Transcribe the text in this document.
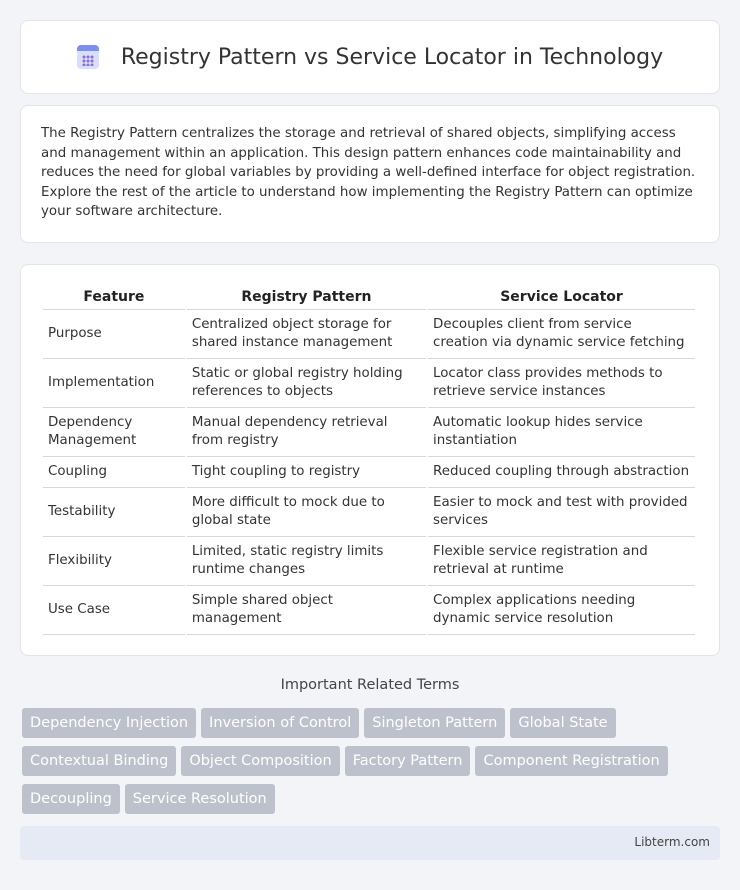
Registry Pattern vs Service Locator in Technology

The Registry Pattern centralizes the storage and retrieval of shared objects, simplifying access and management within an application. This design pattern enhances code maintainability and reduces the need for global variables by providing a well-defined interface for object registration. Explore the rest of the article to understand how implementing the Registry Pattern can optimize your software architecture.

Feature	Registry Pattern	Service Locator
Purpose	Centralized object storage for shared instance management	Decouples client from service creation via dynamic service fetching
Implementation	Static or global registry holding references to objects	Locator class provides methods to retrieve service instances
Dependency Management	Manual dependency retrieval from registry	Automatic lookup hides service instantiation
Coupling	Tight coupling to registry	Reduced coupling through abstraction
Testability	More difficult to mock due to global state	Easier to mock and test with provided services
Flexibility	Limited, static registry limits runtime changes	Flexible service registration and retrieval at runtime
Use Case	Simple shared object management	Complex applications needing dynamic service resolution
Important Related Terms
Dependency Injection	Inversion of Control	Singleton Pattern	Global State
Contextual Binding	Object Composition	Factory Pattern	Component Registration
Decoupling	Service Resolution
Libterm.com
